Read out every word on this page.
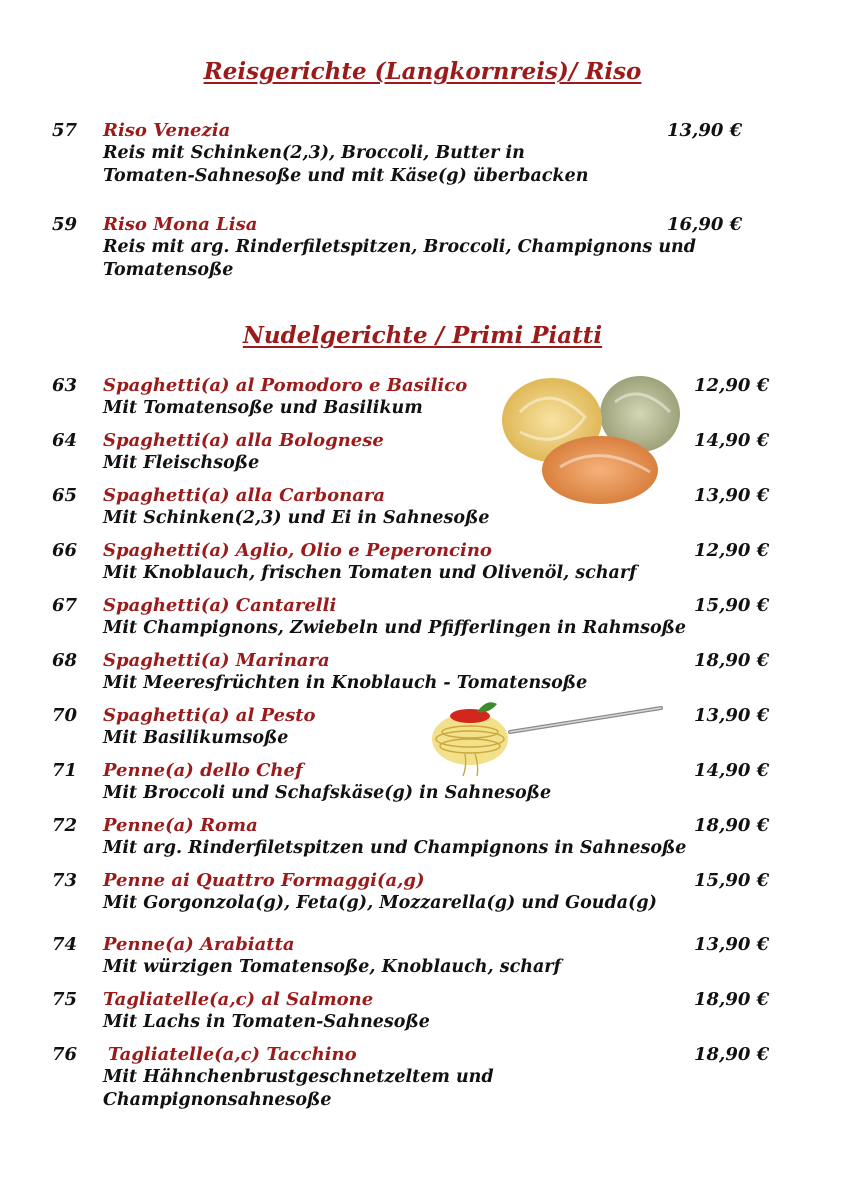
Reisgerichte (Langkornreis)/ Riso
57 Riso Venezia	13,90 €
Reis mit Schinken(2,3), Broccoli, Butter in
Tomaten-Sahnesoße und mit Käse(g) überbacken
59 Riso Mona Lisa	16,90 €
Reis mit arg. Rinderfiletspitzen, Broccoli, Champignons und
Tomatensoße
Nudelgerichte / Primi Piatti
63 Spaghetti(a) al Pomodoro e Basilico	12,90 €
Mit Tomatensoße und Basilikum
64 Spaghetti(a) alla Bolognese	14,90 €
Mit Fleischsoße
65 Spaghetti(a) alla Carbonara	13,90 €
Mit Schinken(2,3) und Ei in Sahnesoße
66 Spaghetti(a) Aglio, Olio e Peperoncino	12,90 €
Mit Knoblauch, frischen Tomaten und Olivenöl, scharf
67 Spaghetti(a) Cantarelli	15,90 €
Mit Champignons, Zwiebeln und Pfifferlingen in Rahmsoße
68 Spaghetti(a) Marinara	18,90 €
Mit Meeresfrüchten in Knoblauch - Tomatensoße
70 Spaghetti(a) al Pesto	13,90 €
Mit Basilikumsoße
71 Penne(a) dello Chef	14,90 €
Mit Broccoli und Schafskäse(g) in Sahnesoße
72 Penne(a) Roma	18,90 €
Mit arg. Rinderfiletspitzen und Champignons in Sahnesoße
73 Penne ai Quattro Formaggi(a,g)	15,90 €
Mit Gorgonzola(g), Feta(g), Mozzarella(g) und Gouda(g)
74 Penne(a) Arabiatta	13,90 €
Mit würzigen Tomatensoße, Knoblauch, scharf
75 Tagliatelle(a,c) al Salmone	18,90 €
Mit Lachs in Tomaten-Sahnesoße
76 Tagliatelle(a,c) Tacchino	18,90 €
Mit Hähnchenbrustgeschnetzeltem und
Champignonsahnesoße
